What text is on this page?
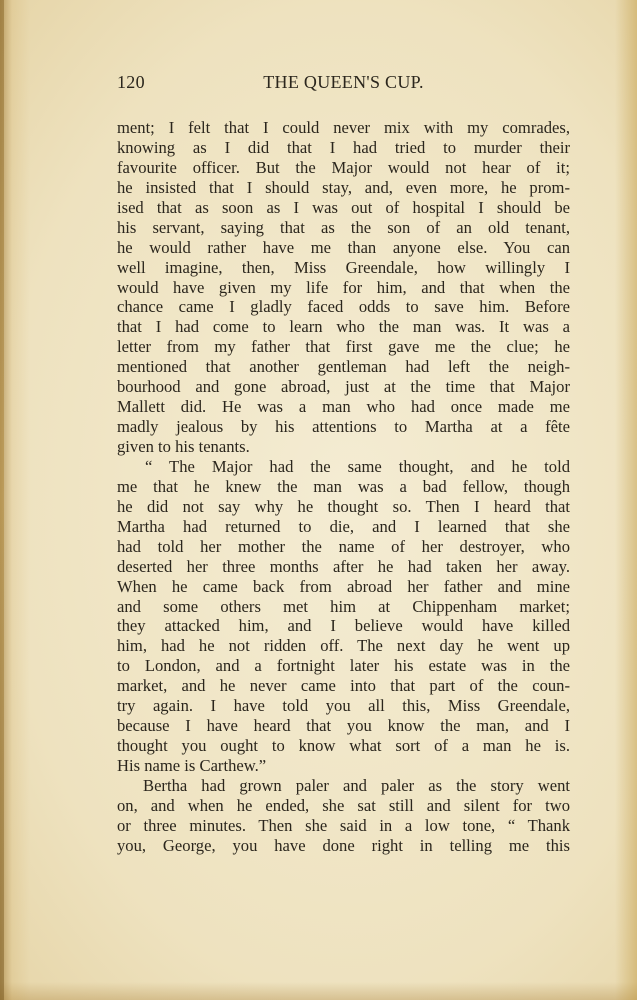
120	THE QUEEN'S CUP.
ment; I felt that I could never mix with my comrades,
knowing as I did that I had tried to murder their
favourite officer. But the Major would not hear of it;
he insisted that I should stay, and, even more, he prom-
ised that as soon as I was out of hospital I should be
his servant, saying that as the son of an old tenant,
he would rather have me than anyone else. You can
well imagine, then, Miss Greendale, how willingly I
would have given my life for him, and that when the
chance came I gladly faced odds to save him. Before
that I had come to learn who the man was. It was a
letter from my father that first gave me the clue; he
mentioned that another gentleman had left the neigh-
bourhood and gone abroad, just at the time that Major
Mallett did. He was a man who had once made me
madly jealous by his attentions to Martha at a fête
given to his tenants.
“ The Major had the same thought, and he told
me that he knew the man was a bad fellow, though
he did not say why he thought so. Then I heard that
Martha had returned to die, and I learned that she
had told her mother the name of her destroyer, who
deserted her three months after he had taken her away.
When he came back from abroad her father and mine
and some others met him at Chippenham market;
they attacked him, and I believe would have killed
him, had he not ridden off. The next day he went up
to London, and a fortnight later his estate was in the
market, and he never came into that part of the coun-
try again. I have told you all this, Miss Greendale,
because I have heard that you know the man, and I
thought you ought to know what sort of a man he is.
His name is Carthew.”
Bertha had grown paler and paler as the story went
on, and when he ended, she sat still and silent for two
or three minutes. Then she said in a low tone, “ Thank
you, George, you have done right in telling me this
